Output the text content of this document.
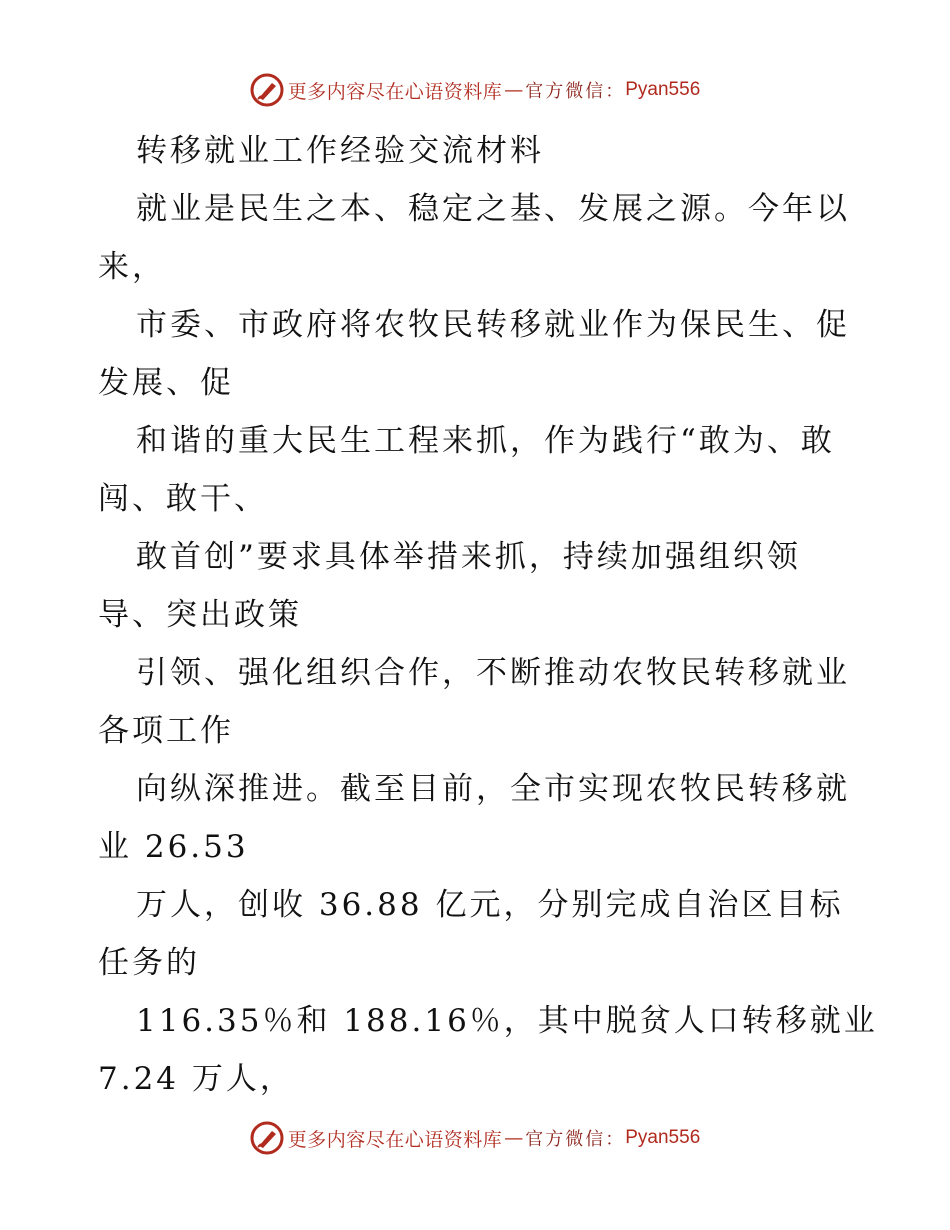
更多内容尽在心语资料库 — 官方微信： Pyan556
转移就业工作经验交流材料
就业是民生之本、稳定之基、发展之源。今年以
来，
市委、市政府将农牧民转移就业作为保民生、促
发展、促
和谐的重大民生工程来抓，作为践行“敢为、敢
闯、敢干、
敢首创”要求具体举措来抓，持续加强组织领
导、突出政策
引领、强化组织合作，不断推动农牧民转移就业
各项工作
向纵深推进。截至目前，全市实现农牧民转移就
业 26.53
万人，创收 36.88 亿元，分别完成自治区目标
任务的
116.35％和 188.16％，其中脱贫人口转移就业
7.24 万人，
更多内容尽在心语资料库 — 官方微信： Pyan556
